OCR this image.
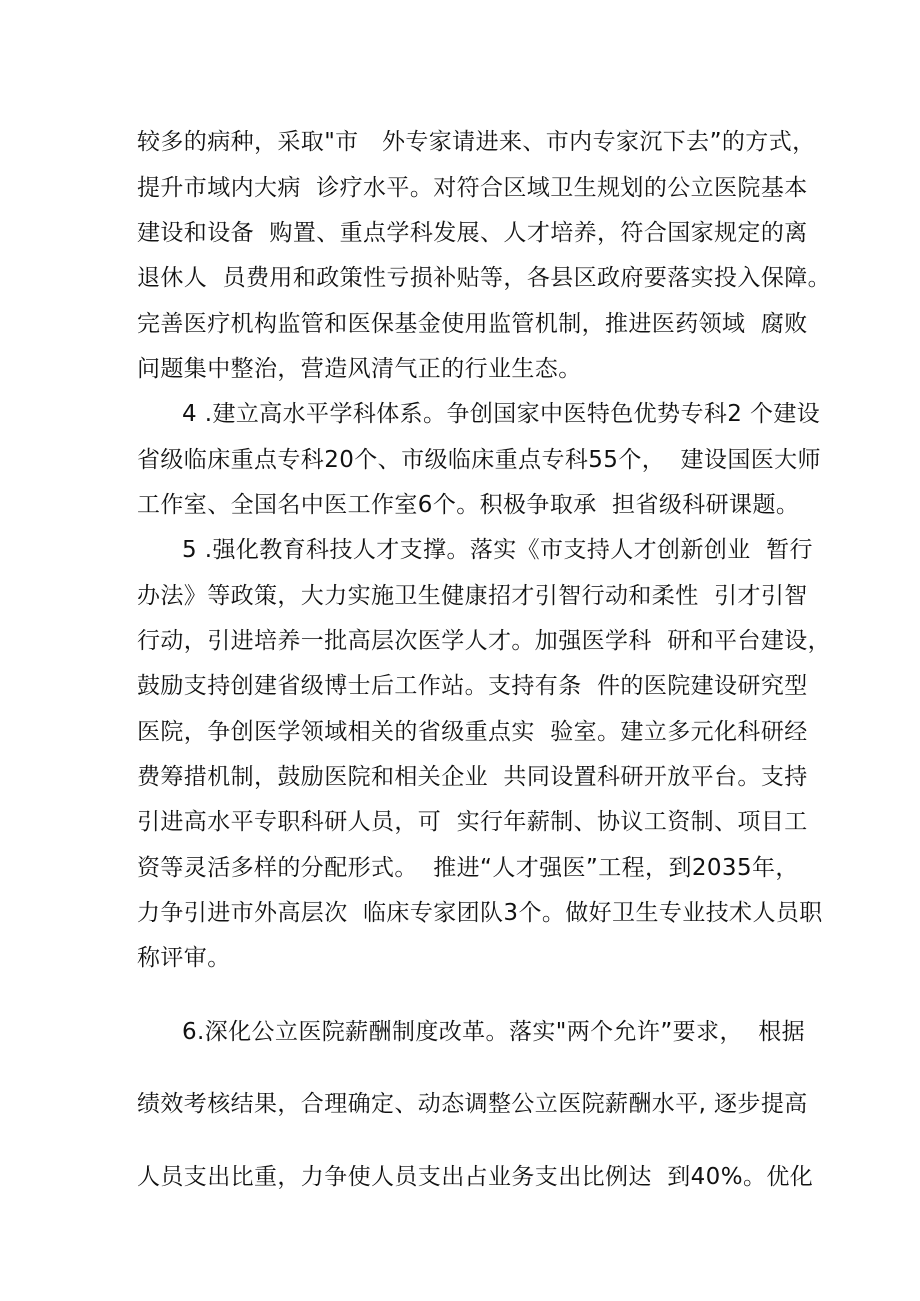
较多的病种，采取"市　外专家请进来、市内专家沉下去”的方式，

提升市域内大病  诊疗水平。对符合区域卫生规划的公立医院基本

建设和设备  购置、重点学科发展、人才培养，符合国家规定的离

退休人  员费用和政策性亏损补贴等，各县区政府要落实投入保障。

完善医疗机构监管和医保基金使用监管机制，推进医药领域  腐败

问题集中整治，营造风清气正的行业生态。

4 .建立高水平学科体系。争创国家中医特色优势专科2 个建设

省级临床重点专科20个、市级临床重点专科55个，  建设国医大师

工作室、全国名中医工作室6个。积极争取承  担省级科研课题。

5 .强化教育科技人才支撑。落实《市支持人才创新创业  暂行

办法》等政策，大力实施卫生健康招才引智行动和柔性  引才引智

行动，引进培养一批高层次医学人才。加强医学科  研和平台建设，

鼓励支持创建省级博士后工作站。支持有条  件的医院建设研究型

医院，争创医学领域相关的省级重点实  验室。建立多元化科研经

费筹措机制，鼓励医院和相关企业  共同设置科研开放平台。支持

引进高水平专职科研人员，可  实行年薪制、协议工资制、项目工

资等灵活多样的分配形式。  推进“人才强医”工程，到2035年，

力争引进市外高层次  临床专家团队3个。做好卫生专业技术人员职

称评审。

6.深化公立医院薪酬制度改革。落实"两个允许”要求，  根据

绩效考核结果，合理确定、动态调整公立医院薪酬水平, 逐步提高

人员支出比重，力争使人员支出占业务支出比例达  到40%。优化
